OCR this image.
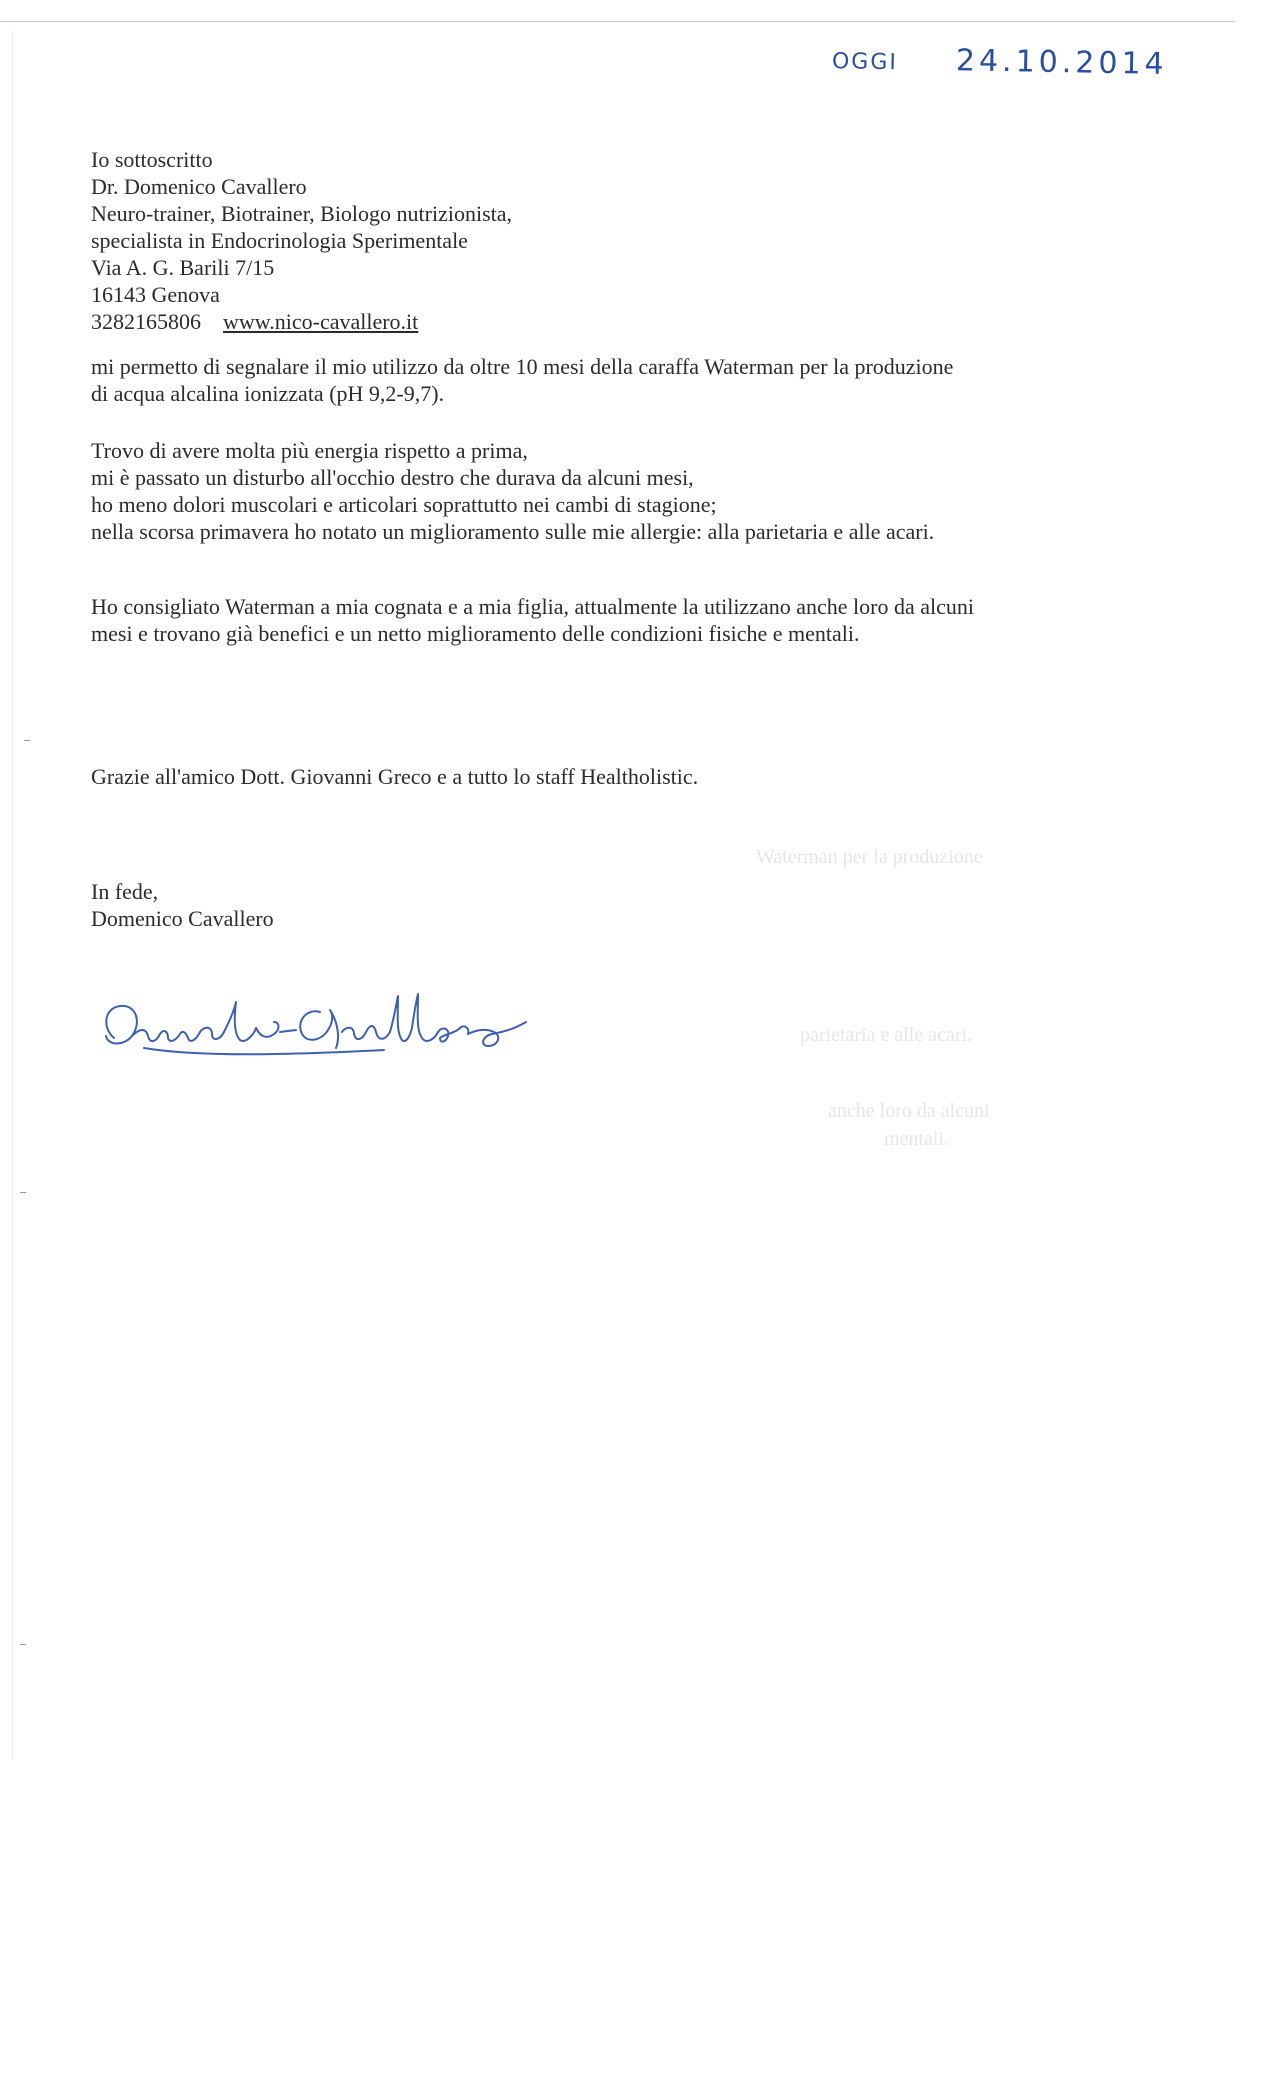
OGGI 24.10.2014

Io sottoscritto
Dr. Domenico Cavallero
Neuro-trainer, Biotrainer, Biologo nutrizionista,
specialista in Endocrinologia Sperimentale
Via A. G. Barili 7/15
16143 Genova
3282165806 www.nico-cavallero.it

mi permetto di segnalare il mio utilizzo da oltre 10 mesi della caraffa Waterman per la produzione
di acqua alcalina ionizzata (pH 9,2-9,7).

Trovo di avere molta più energia rispetto a prima,
mi è passato un disturbo all'occhio destro che durava da alcuni mesi,
ho meno dolori muscolari e articolari soprattutto nei cambi di stagione;
nella scorsa primavera ho notato un miglioramento sulle mie allergie: alla parietaria e alle acari.

Ho consigliato Waterman a mia cognata e a mia figlia, attualmente la utilizzano anche loro da alcuni
mesi e trovano già benefici e un netto miglioramento delle condizioni fisiche e mentali.

Grazie all'amico Dott. Giovanni Greco e a tutto lo staff Healtholistic.

In fede,
Domenico Cavallero

Waterman per la produzione
parietaria e alle acari.
anche loro da alcuni
mentali.
